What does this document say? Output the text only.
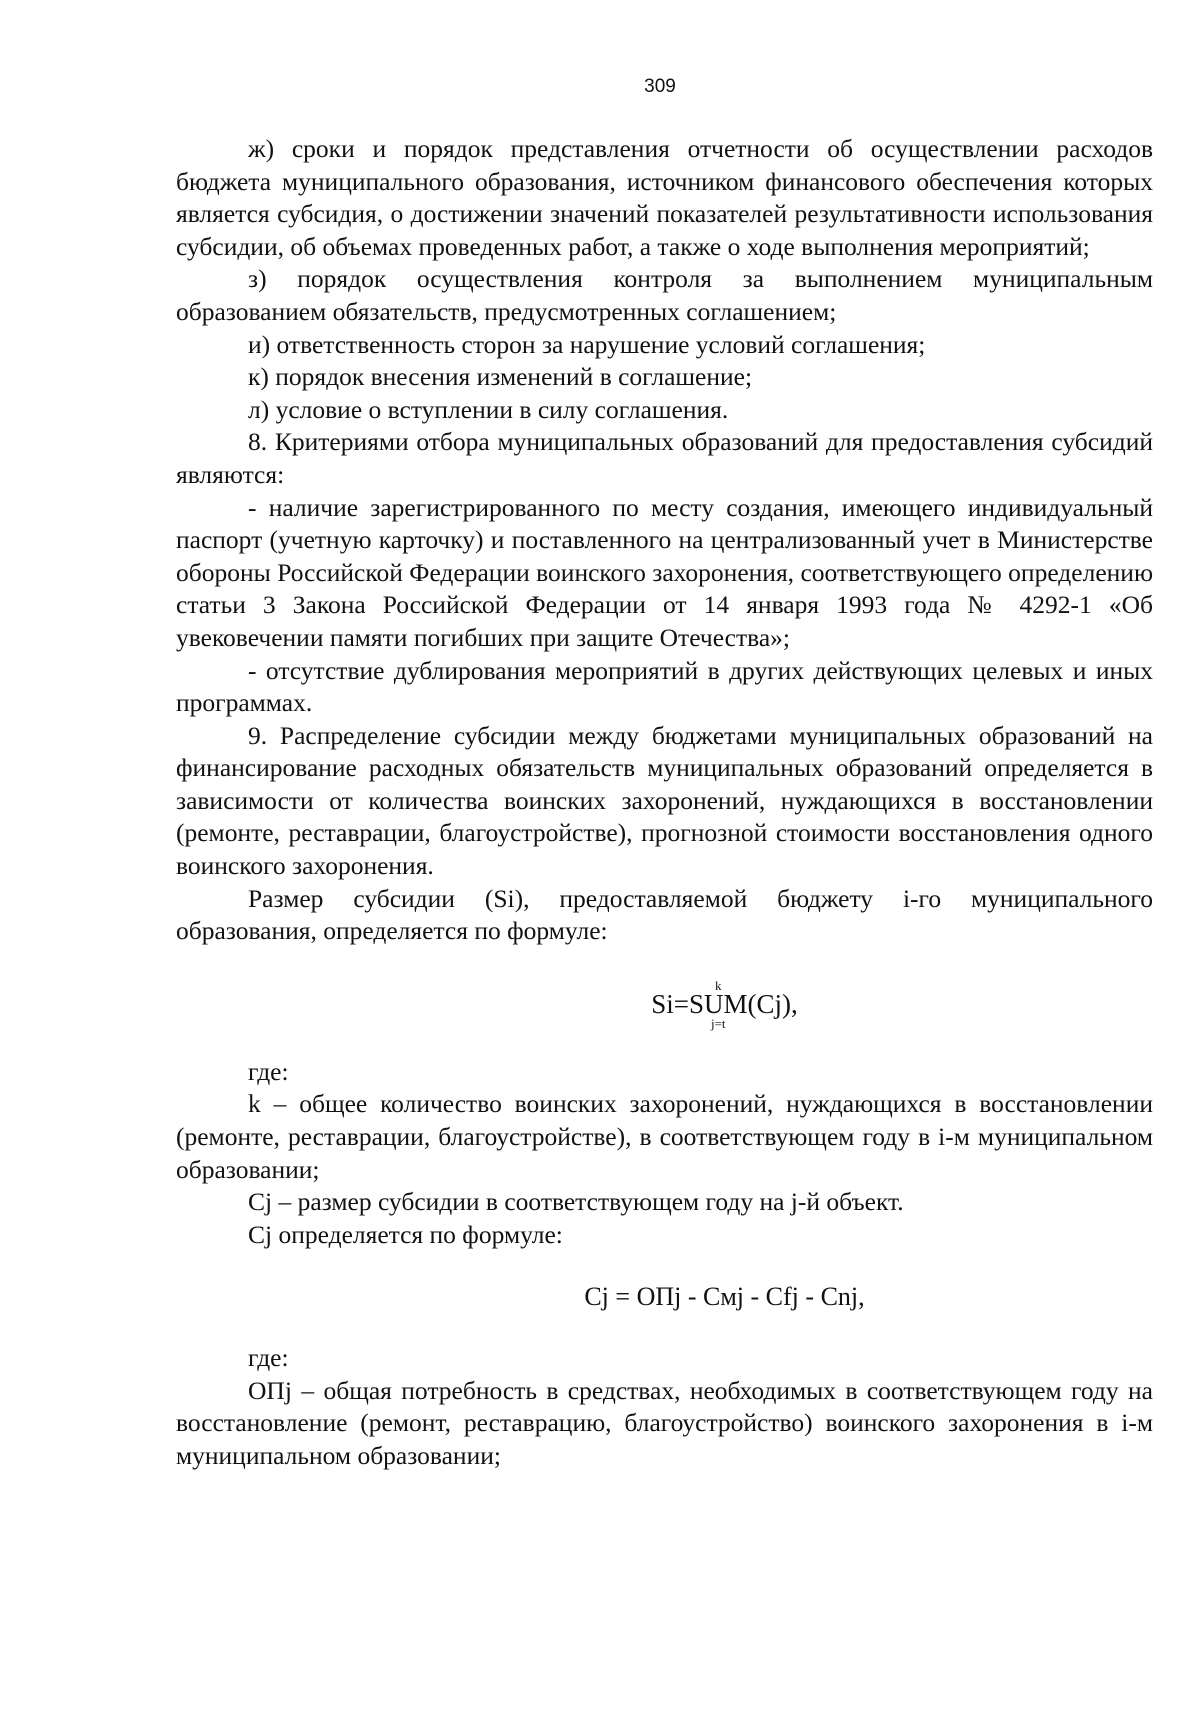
309

ж) сроки и порядок представления отчетности об осуществлении расходов бюджета муниципального образования, источником финансового обеспечения которых является субсидия, о достижении значений показателей результативности использования субсидии, об объемах проведенных работ, а также о ходе выполнения мероприятий;

з) порядок осуществления контроля за выполнением муниципальным образованием обязательств, предусмотренных соглашением;

и) ответственность сторон за нарушение условий соглашения;

к) порядок внесения изменений в соглашение;

л) условие о вступлении в силу соглашения.

8. Критериями отбора муниципальных образований для предоставления субсидий являются:

- наличие зарегистрированного по месту создания, имеющего индивидуальный паспорт (учетную карточку) и поставленного на централизованный учет в Министерстве обороны Российской Федерации воинского захоронения, соответствующего определению статьи 3 Закона Российской Федерации от 14 января 1993 года № 4292-1 «Об увековечении памяти погибших при защите Отечества»;

- отсутствие дублирования мероприятий в других действующих целевых и иных программах.

9. Распределение субсидии между бюджетами муниципальных образований на финансирование расходных обязательств муниципальных образований определяется в зависимости от количества воинских захоронений, нуждающихся в восстановлении (ремонте, реставрации, благоустройстве), прогнозной стоимости восстановления одного воинского захоронения.

Размер субсидии (Si), предоставляемой бюджету i-го муниципального образования, определяется по формуле:

Si=
k
SUM
j=t
(Cj),

где:

k – общее количество воинских захоронений, нуждающихся в восстановлении (ремонте, реставрации, благоустройстве), в соответствующем году в i-м муниципальном образовании;

Cj – размер субсидии в соответствующем году на j-й объект.

Cj определяется по формуле:

Cj = ОПj - Cмj - Cfj - Cnj,

где:

ОПj – общая потребность в средствах, необходимых в соответствующем году на восстановление (ремонт, реставрацию, благоустройство) воинского захоронения в i-м муниципальном образовании;
